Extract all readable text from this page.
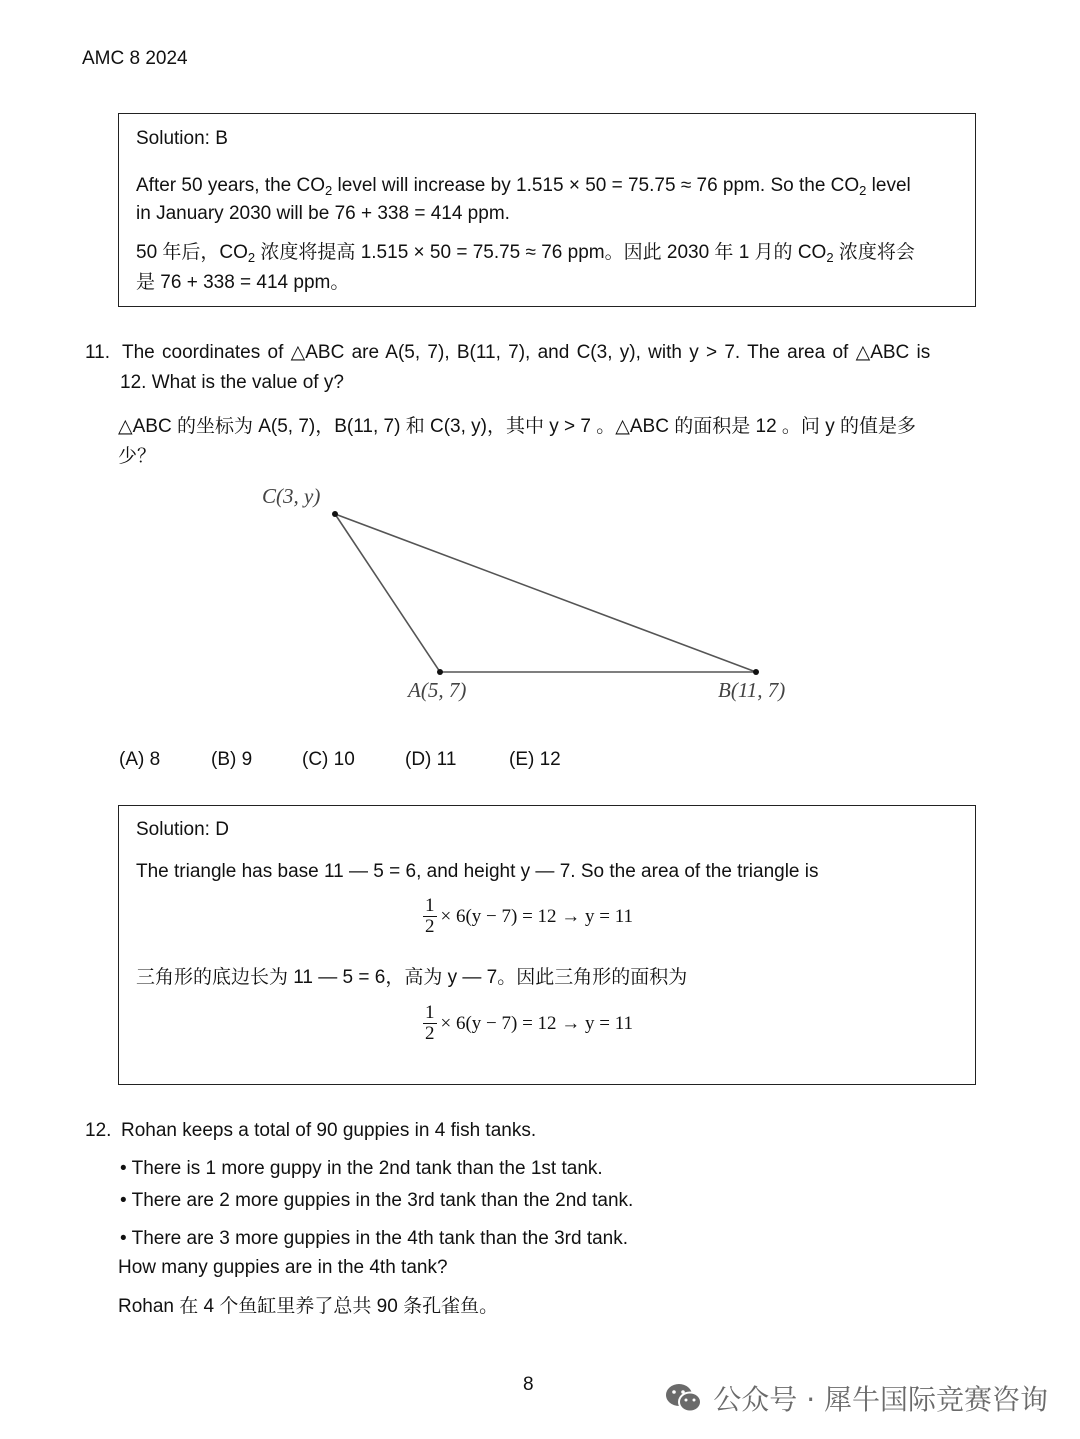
AMC 8 2024
Solution: B
After 50 years, the $CO_2$ level will increase by 1.515 × 50 = 75.75 ≈ 76 ppm. So the $CO_2$ level
in January 2030 will be 76 + 338 = 414 ppm.
50 年后，$CO_2$ 浓度将提高 1.515 × 50 = 75.75 ≈ 76 ppm。因此 2030 年 1 月的 $CO_2$ 浓度将会
是 76 + 338 = 414 ppm。
11. The coordinates of △ABC are A(5, 7), B(11, 7), and C(3, y), with y > 7. The area of △ABC is
12. What is the value of y?
△ABC 的坐标为 A(5, 7)，B(11, 7) 和 C(3, y)，其中 y > 7 。△ABC 的面积是 12 。问 y 的值是多
少？
C(3, y)
A(5, 7)	B(11, 7)
(A) 8	(B) 9	(C) 10	(D) 11	(E) 12
Solution: D
The triangle has base 11 — 5 = 6, and height y — 7. So the area of the triangle is
$\frac{1}{2} \times 6(y - 7) = 12 \to y = 11$
三角形的底边长为 11 — 5 = 6，高为 y — 7。因此三角形的面积为
$\frac{1}{2} \times 6(y - 7) = 12 \to y = 11$
12. Rohan keeps a total of 90 guppies in 4 fish tanks.
• There is 1 more guppy in the 2nd tank than the 1st tank.
• There are 2 more guppies in the 3rd tank than the 2nd tank.
• There are 3 more guppies in the 4th tank than the 3rd tank.
How many guppies are in the 4th tank?
Rohan 在 4 个鱼缸里养了总共 90 条孔雀鱼。
8	公众号 · 犀牛国际竞赛咨询
